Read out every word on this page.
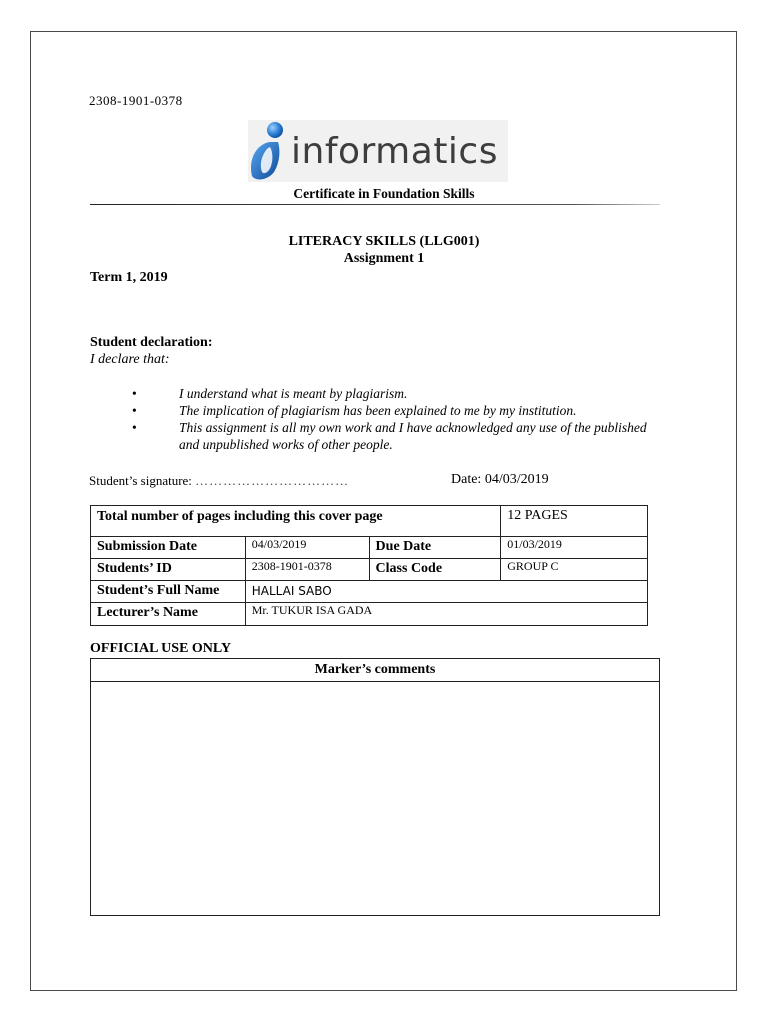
2308-1901-0378
informatics
Certificate in Foundation Skills
LITERACY SKILLS (LLG001)
Assignment 1
Term 1, 2019
Student declaration:
I declare that:
•	I understand what is meant by plagiarism.
•	The implication of plagiarism has been explained to me by my institution.
•	This assignment is all my own work and I have acknowledged any use of the published and unpublished works of other people.
Student’s signature: ……………………………	Date: 04/03/2019
Total number of pages including this cover page			12 PAGES
Submission Date	04/03/2019	Due Date	01/03/2019
Students’ ID	2308-1901-0378	Class Code	GROUP C
Student’s Full Name	HALLAI SABO		
Lecturer’s Name	Mr. TUKUR ISA GADA		
OFFICIAL USE ONLY
Marker’s comments
